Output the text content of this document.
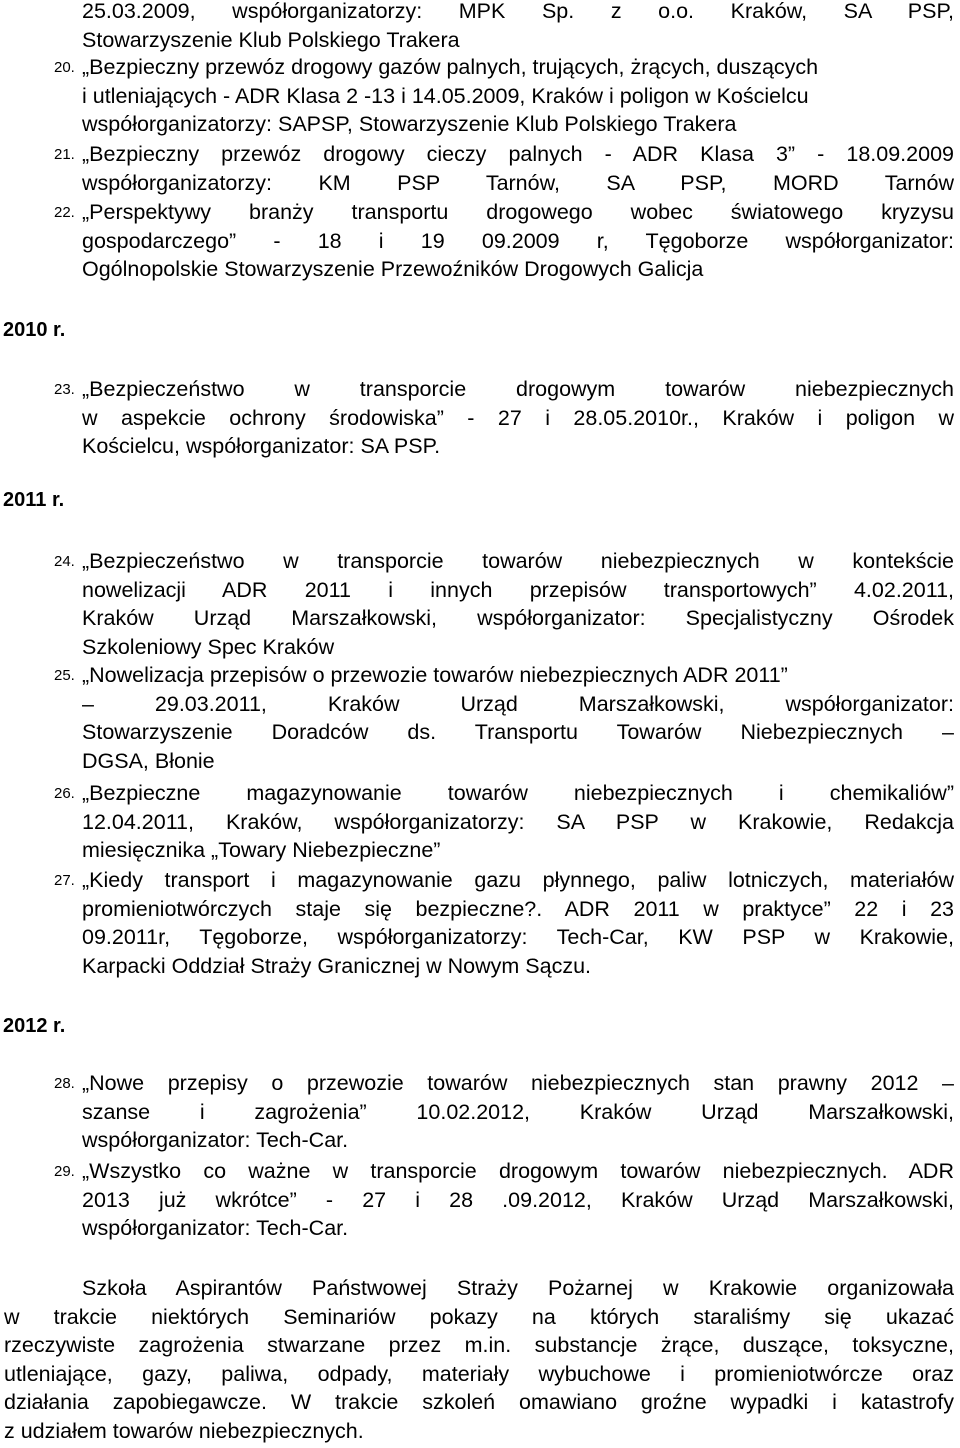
2010 r.
2011 r.
2012 r.
25.03.2009, współorganizatorzy: MPK Sp. z o.o. Kraków, SA PSP,
Stowarzyszenie Klub Polskiego Trakera
20. „Bezpieczny przewóz drogowy gazów palnych, trujących, żrących, duszących
i utleniających - ADR Klasa 2 -13 i 14.05.2009, Kraków i poligon w Kościelcu
współorganizatorzy: SAPSP, Stowarzyszenie Klub Polskiego Trakera
21. „Bezpieczny przewóz drogowy cieczy palnych - ADR Klasa 3” - 18.09.2009
współorganizatorzy: KM PSP Tarnów, SA PSP, MORD Tarnów
22. „Perspektywy branży transportu drogowego wobec światowego kryzysu
gospodarczego” - 18 i 19 09.2009 r, Tęgoborze współorganizator:
Ogólnopolskie Stowarzyszenie Przewoźników Drogowych Galicja
23. „Bezpieczeństwo w transporcie drogowym towarów niebezpiecznych
w aspekcie ochrony środowiska” - 27 i 28.05.2010r., Kraków i poligon w
Kościelcu, współorganizator: SA PSP.
24. „Bezpieczeństwo w transporcie towarów niebezpiecznych w kontekście
nowelizacji ADR 2011 i innych przepisów transportowych” 4.02.2011,
Kraków Urząd Marszałkowski, współorganizator: Specjalistyczny Ośrodek
Szkoleniowy Spec Kraków
25. „Nowelizacja przepisów o przewozie towarów niebezpiecznych ADR 2011”
– 29.03.2011, Kraków Urząd Marszałkowski, współorganizator:
Stowarzyszenie Doradców ds. Transportu Towarów Niebezpiecznych –
DGSA, Błonie
26. „Bezpieczne magazynowanie towarów niebezpiecznych i chemikaliów”
12.04.2011, Kraków, współorganizatorzy: SA PSP w Krakowie, Redakcja
miesięcznika „Towary Niebezpieczne”
27. „Kiedy transport i magazynowanie gazu płynnego, paliw lotniczych, materiałów
promieniotwórczych staje się bezpieczne?. ADR 2011 w praktyce” 22 i 23
09.2011r, Tęgoborze, współorganizatorzy: Tech-Car, KW PSP w Krakowie,
Karpacki Oddział Straży Granicznej w Nowym Sączu.
28. „Nowe przepisy o przewozie towarów niebezpiecznych stan prawny 2012 –
szanse i zagrożenia” 10.02.2012, Kraków Urząd Marszałkowski,
współorganizator: Tech-Car.
29. „Wszystko co ważne w transporcie drogowym towarów niebezpiecznych. ADR
2013 już wkrótce” - 27 i 28 .09.2012, Kraków Urząd Marszałkowski,
współorganizator: Tech-Car.
Szkoła Aspirantów Państwowej Straży Pożarnej w Krakowie organizowała
w trakcie niektórych Seminariów pokazy na których staraliśmy się ukazać
rzeczywiste zagrożenia stwarzane przez m.in. substancje żrące, duszące, toksyczne,
utleniające, gazy, paliwa, odpady, materiały wybuchowe i promieniotwórcze oraz
działania zapobiegawcze. W trakcie szkoleń omawiano groźne wypadki i katastrofy
z udziałem towarów niebezpiecznych.
